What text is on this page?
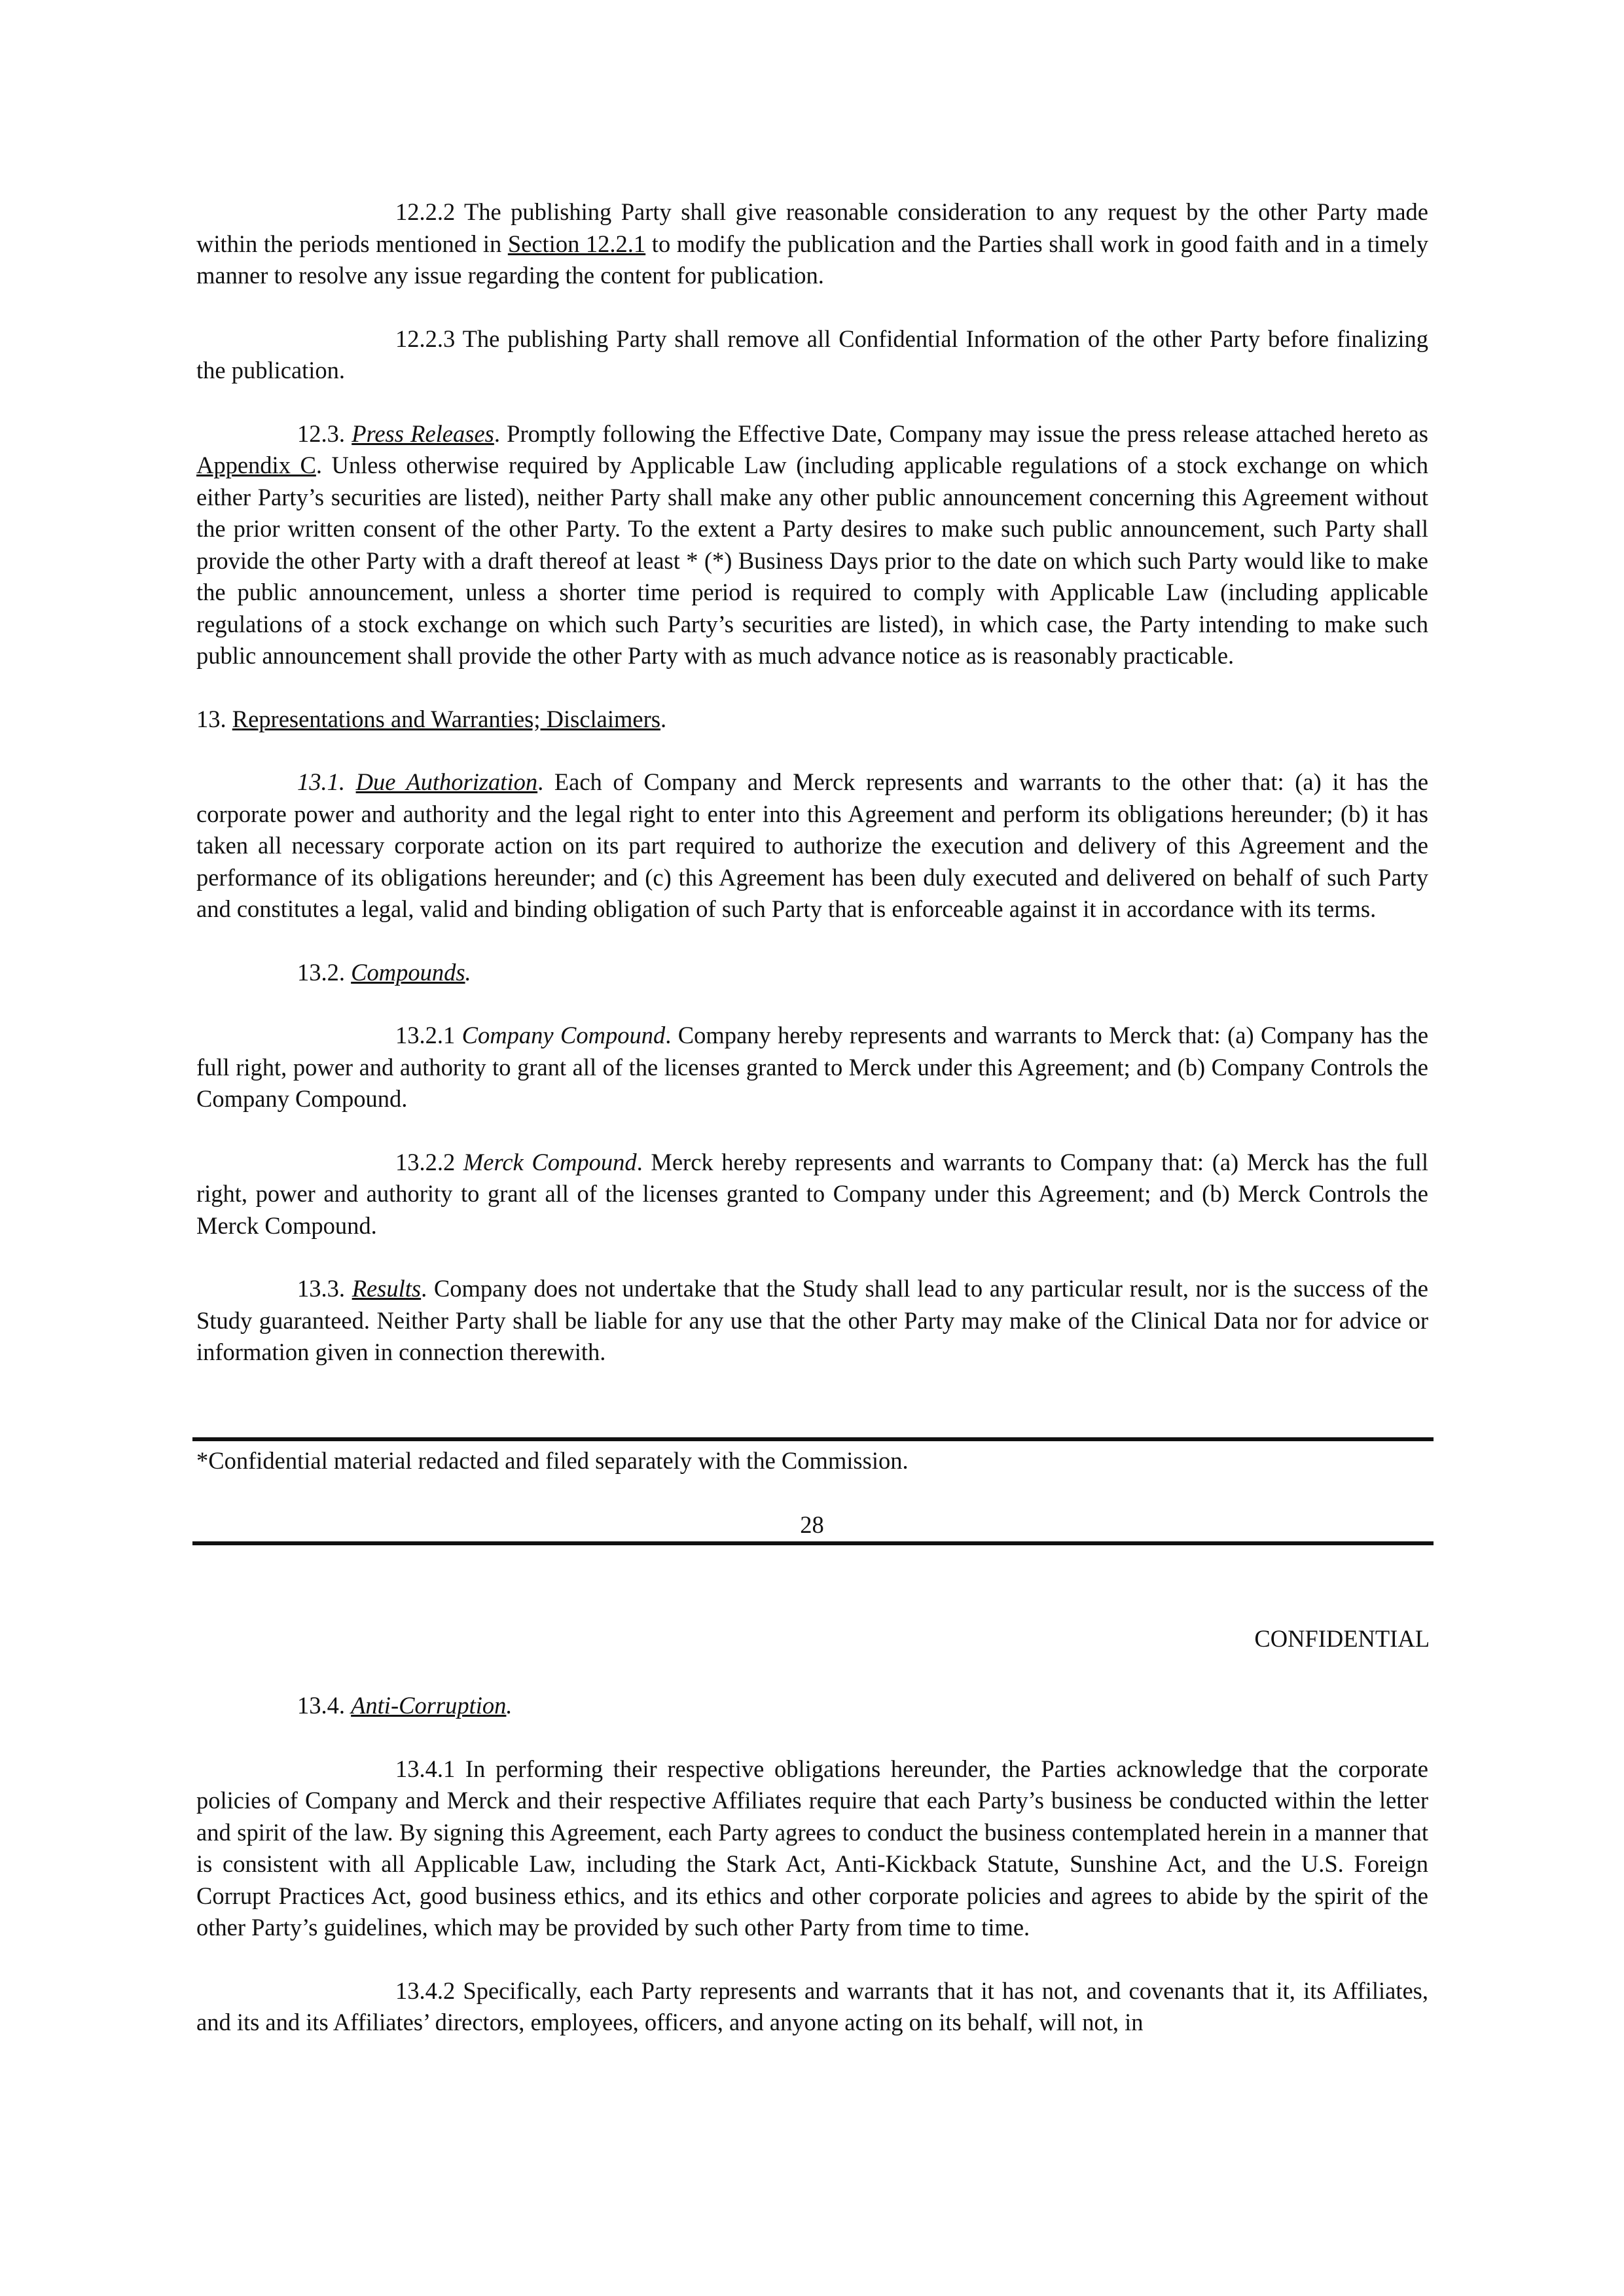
12.2.2 The publishing Party shall give reasonable consideration to any request by the other Party made within the periods mentioned in Section 12.2.1 to modify the publication and the Parties shall work in good faith and in a timely manner to resolve any issue regarding the content for publication.

12.2.3 The publishing Party shall remove all Confidential Information of the other Party before finalizing the publication.

12.3. Press Releases. Promptly following the Effective Date, Company may issue the press release attached hereto as Appendix C. Unless otherwise required by Applicable Law (including applicable regulations of a stock exchange on which either Party’s securities are listed), neither Party shall make any other public announcement concerning this Agreement without the prior written consent of the other Party. To the extent a Party desires to make such public announcement, such Party shall provide the other Party with a draft thereof at least * (*) Business Days prior to the date on which such Party would like to make the public announcement, unless a shorter time period is required to comply with Applicable Law (including applicable regulations of a stock exchange on which such Party’s securities are listed), in which case, the Party intending to make such public announcement shall provide the other Party with as much advance notice as is reasonably practicable.

13. Representations and Warranties; Disclaimers.

13.1. Due Authorization. Each of Company and Merck represents and warrants to the other that: (a) it has the corporate power and authority and the legal right to enter into this Agreement and perform its obligations hereunder; (b) it has taken all necessary corporate action on its part required to authorize the execution and delivery of this Agreement and the performance of its obligations hereunder; and (c) this Agreement has been duly executed and delivered on behalf of such Party and constitutes a legal, valid and binding obligation of such Party that is enforceable against it in accordance with its terms.

13.2. Compounds.

13.2.1 Company Compound. Company hereby represents and warrants to Merck that: (a) Company has the full right, power and authority to grant all of the licenses granted to Merck under this Agreement; and (b) Company Controls the Company Compound.

13.2.2 Merck Compound. Merck hereby represents and warrants to Company that: (a) Merck has the full right, power and authority to grant all of the licenses granted to Company under this Agreement; and (b) Merck Controls the Merck Compound.

13.3. Results. Company does not undertake that the Study shall lead to any particular result, nor is the success of the Study guaranteed. Neither Party shall be liable for any use that the other Party may make of the Clinical Data nor for advice or information given in connection therewith.

*Confidential material redacted and filed separately with the Commission.
28
CONFIDENTIAL

13.4. Anti-Corruption.

13.4.1 In performing their respective obligations hereunder, the Parties acknowledge that the corporate policies of Company and Merck and their respective Affiliates require that each Party’s business be conducted within the letter and spirit of the law. By signing this Agreement, each Party agrees to conduct the business contemplated herein in a manner that is consistent with all Applicable Law, including the Stark Act, Anti-Kickback Statute, Sunshine Act, and the U.S. Foreign Corrupt Practices Act, good business ethics, and its ethics and other corporate policies and agrees to abide by the spirit of the other Party’s guidelines, which may be provided by such other Party from time to time.

13.4.2 Specifically, each Party represents and warrants that it has not, and covenants that it, its Affiliates, and its and its Affiliates’ directors, employees, officers, and anyone acting on its behalf, will not, in
